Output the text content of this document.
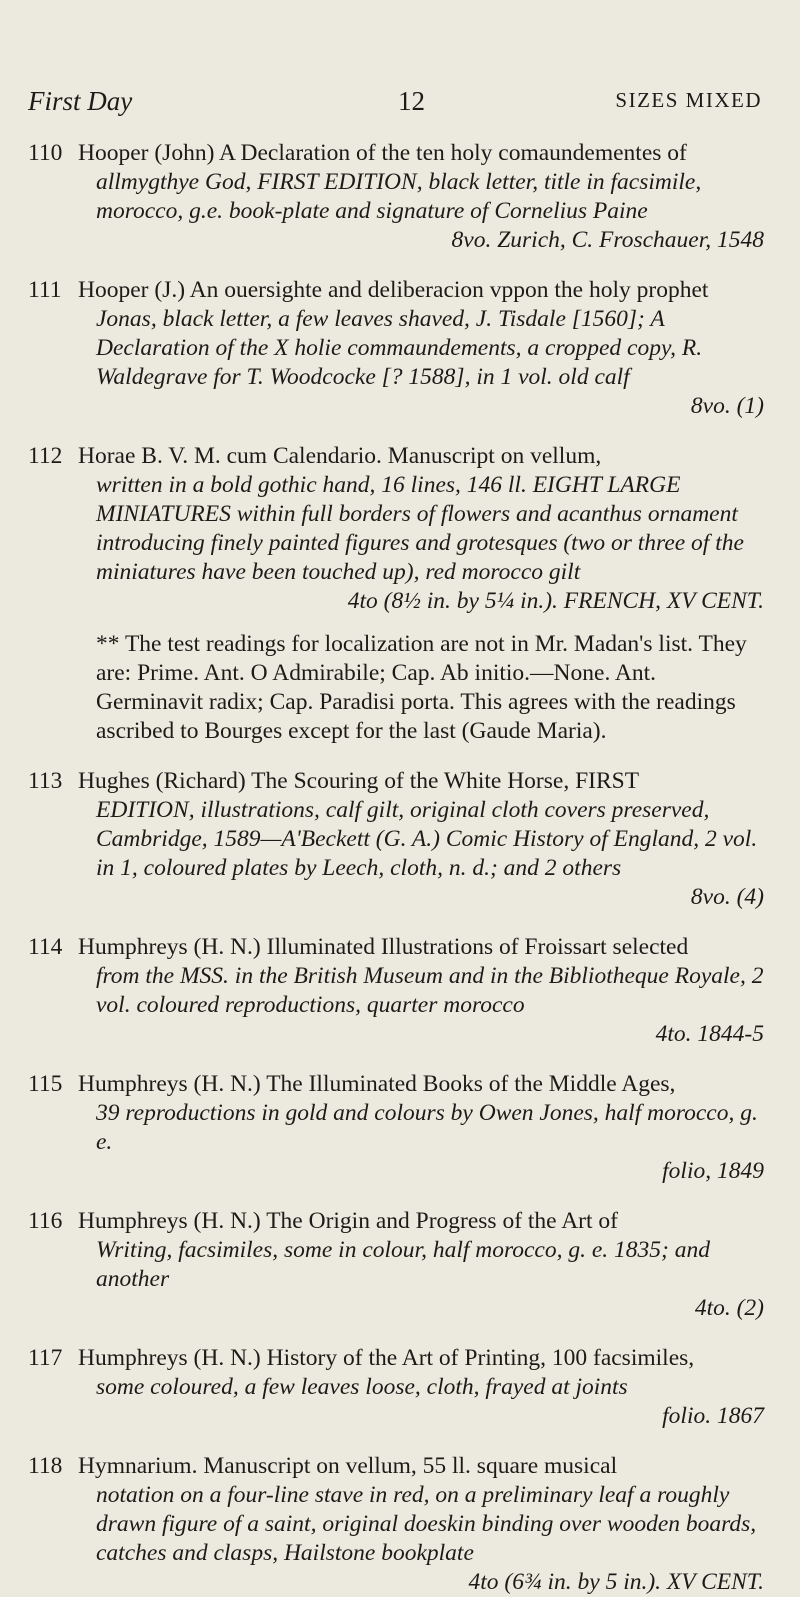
First Day	12	SIZES MIXED
110 Hooper (John) A Declaration of the ten holy comaundementes of
allmygthye God, FIRST EDITION, black letter, title in facsimile, morocco, g.e. book-plate and signature of Cornelius Paine
8vo. Zurich, C. Froschauer, 1548
111 Hooper (J.) An ouersighte and deliberacion vppon the holy prophet
Jonas, black letter, a few leaves shaved, J. Tisdale [1560]; A Declaration of the X holie commaundements, a cropped copy, R. Waldegrave for T. Woodcocke [? 1588], in 1 vol. old calf
8vo. (1)
112 Horae B. V. M. cum Calendario. Manuscript on vellum,
written in a bold gothic hand, 16 lines, 146 ll. EIGHT LARGE MINIATURES within full borders of flowers and acanthus ornament introducing finely painted figures and grotesques (two or three of the miniatures have been touched up), red morocco gilt
4to (8½ in. by 5¼ in.). FRENCH, XV CENT.
** The test readings for localization are not in Mr. Madan's list. They are: Prime. Ant. O Admirabile; Cap. Ab initio.—None. Ant. Germinavit radix; Cap. Paradisi porta. This agrees with the readings ascribed to Bourges except for the last (Gaude Maria).
113 Hughes (Richard) The Scouring of the White Horse, FIRST
EDITION, illustrations, calf gilt, original cloth covers preserved, Cambridge, 1589—A'Beckett (G. A.) Comic History of England, 2 vol. in 1, coloured plates by Leech, cloth, n. d.; and 2 others
8vo. (4)
114 Humphreys (H. N.) Illuminated Illustrations of Froissart selected
from the MSS. in the British Museum and in the Bibliotheque Royale, 2 vol. coloured reproductions, quarter morocco
4to. 1844-5
115 Humphreys (H. N.) The Illuminated Books of the Middle Ages,
39 reproductions in gold and colours by Owen Jones, half morocco, g. e.
folio, 1849
116 Humphreys (H. N.) The Origin and Progress of the Art of
Writing, facsimiles, some in colour, half morocco, g. e. 1835; and another
4to. (2)
117 Humphreys (H. N.) History of the Art of Printing, 100 facsimiles,
some coloured, a few leaves loose, cloth, frayed at joints
folio. 1867
118 Hymnarium. Manuscript on vellum, 55 ll. square musical
notation on a four-line stave in red, on a preliminary leaf a roughly drawn figure of a saint, original doeskin binding over wooden boards, catches and clasps, Hailstone bookplate
4to (6¾ in. by 5 in.). XV CENT.
